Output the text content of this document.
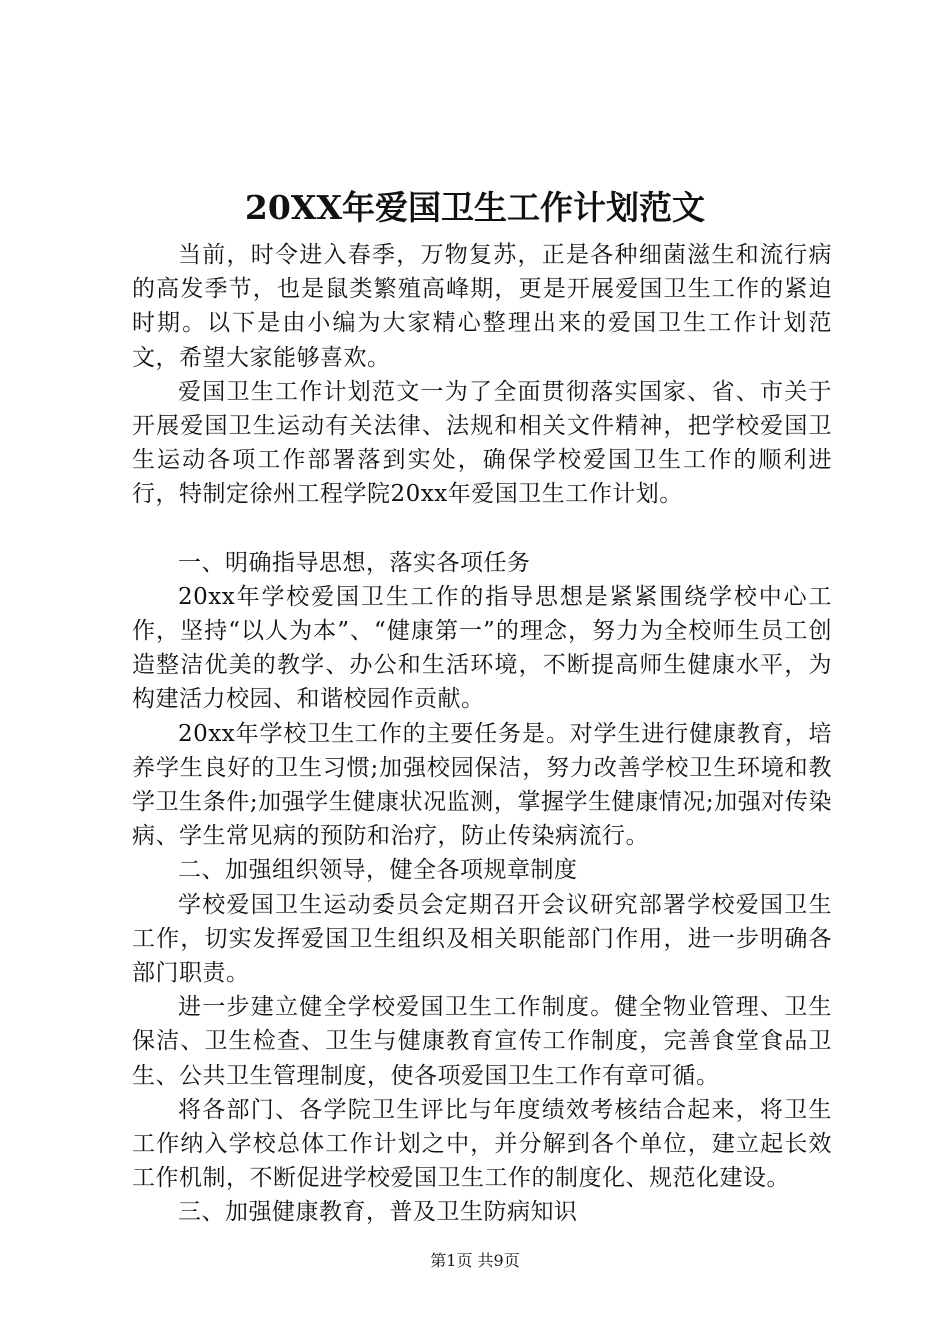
20XX年爱国卫生工作计划范文

当前，时令进入春季，万物复苏，正是各种细菌滋生和流行病的高发季节，也是鼠类繁殖高峰期，更是开展爱国卫生工作的紧迫时期。以下是由小编为大家精心整理出来的爱国卫生工作计划范文，希望大家能够喜欢。

爱国卫生工作计划范文一为了全面贯彻落实国家、省、市关于开展爱国卫生运动有关法律、法规和相关文件精神，把学校爱国卫生运动各项工作部署落到实处，确保学校爱国卫生工作的顺利进行，特制定徐州工程学院20xx年爱国卫生工作计划。

一、明确指导思想，落实各项任务

20xx年学校爱国卫生工作的指导思想是紧紧围绕学校中心工作，坚持“以人为本”、“健康第一”的理念，努力为全校师生员工创造整洁优美的教学、办公和生活环境，不断提高师生健康水平，为构建活力校园、和谐校园作贡献。

20xx年学校卫生工作的主要任务是。对学生进行健康教育，培养学生良好的卫生习惯;加强校园保洁，努力改善学校卫生环境和教学卫生条件;加强学生健康状况监测，掌握学生健康情况;加强对传染病、学生常见病的预防和治疗，防止传染病流行。

二、加强组织领导，健全各项规章制度

学校爱国卫生运动委员会定期召开会议研究部署学校爱国卫生工作，切实发挥爱国卫生组织及相关职能部门作用，进一步明确各部门职责。

进一步建立健全学校爱国卫生工作制度。健全物业管理、卫生保洁、卫生检查、卫生与健康教育宣传工作制度，完善食堂食品卫生、公共卫生管理制度，使各项爱国卫生工作有章可循。

将各部门、各学院卫生评比与年度绩效考核结合起来，将卫生工作纳入学校总体工作计划之中，并分解到各个单位，建立起长效工作机制，不断促进学校爱国卫生工作的制度化、规范化建设。

三、加强健康教育，普及卫生防病知识

第1页 共9页
